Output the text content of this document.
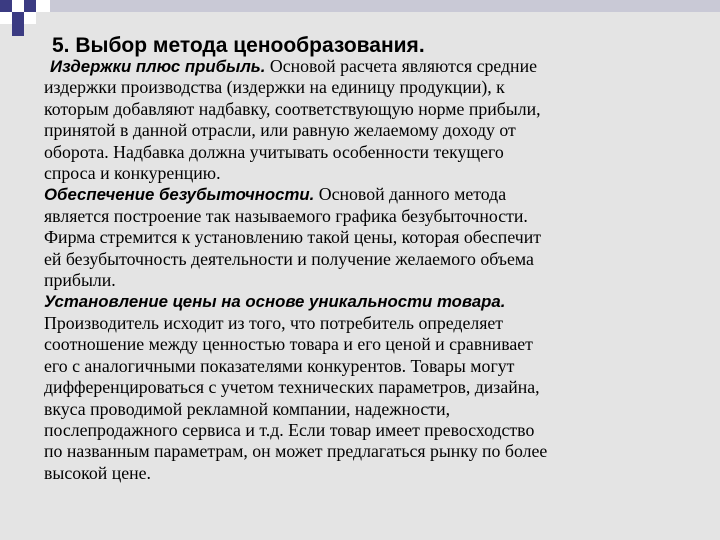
5. Выбор метода ценообразования.
Издержки плюс прибыль. Основой расчета являются средние
издержки производства (издержки на единицу продукции), к
которым добавляют надбавку, соответствующую норме прибыли,
принятой в данной отрасли, или равную желаемому доходу от
оборота. Надбавка должна учитывать особенности текущего
спроса и конкуренцию.
Обеспечение безубыточности. Основой данного метода
является построение так называемого графика безубыточности.
Фирма стремится к установлению такой цены, которая обеспечит
ей безубыточность деятельности и получение желаемого объема
прибыли.
Установление цены на основе уникальности товара.
Производитель исходит из того, что потребитель определяет
соотношение между ценностью товара и его ценой и сравнивает
его с аналогичными показателями конкурентов. Товары могут
дифференцироваться с учетом технических параметров, дизайна,
вкуса проводимой рекламной компании, надежности,
послепродажного сервиса и т.д. Если товар имеет превосходство
по названным параметрам, он может предлагаться рынку по более
высокой цене.
